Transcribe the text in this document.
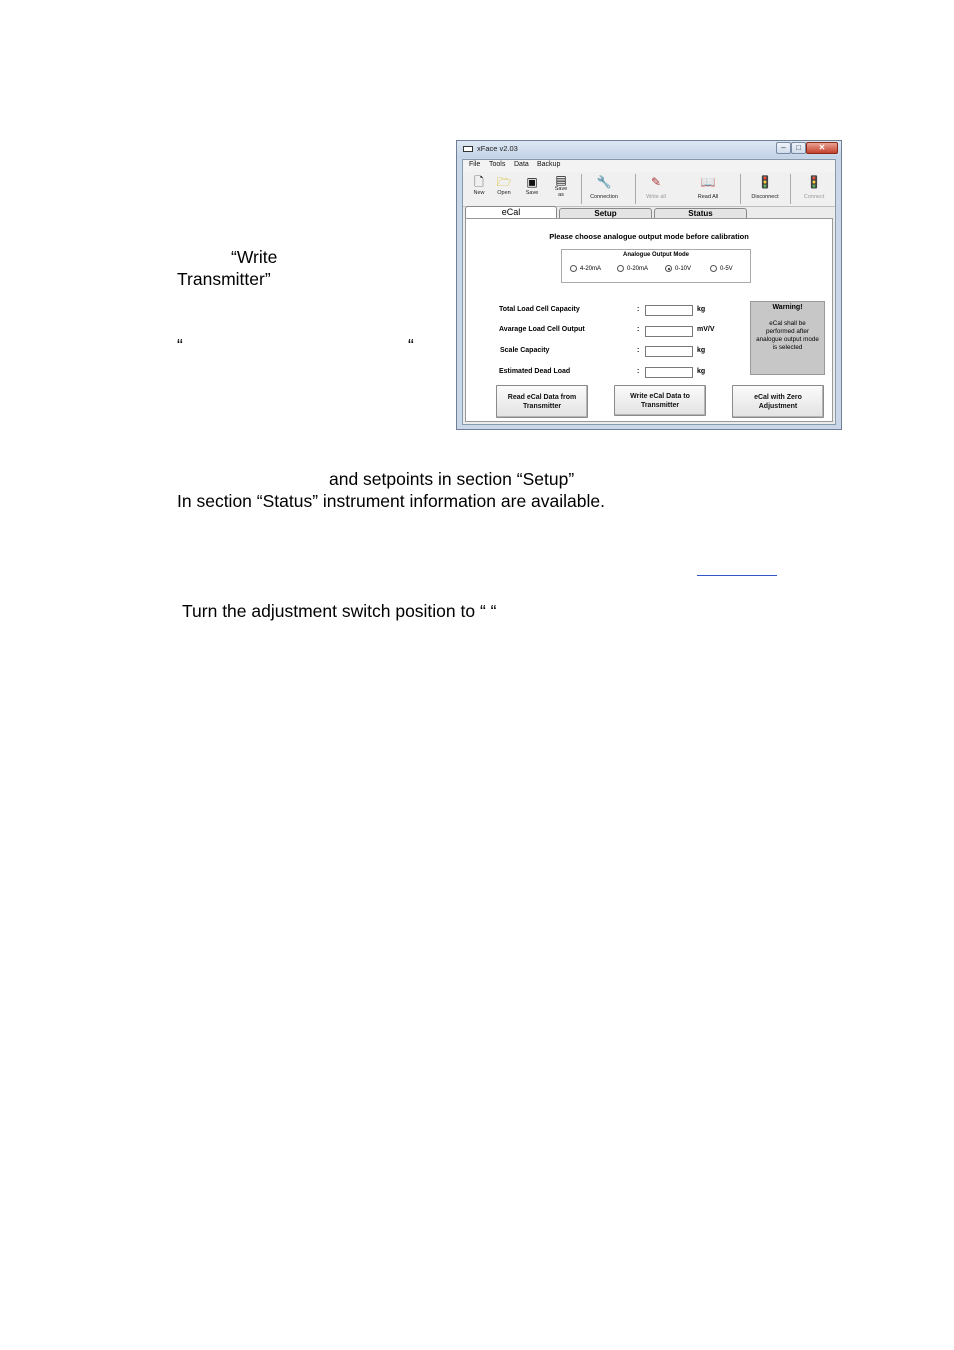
“Write
Transmitter”
“	“
and setpoints in section “Setup”
In section “Status” instrument information are available.
Turn the adjustment switch position to “ “
xFace v2.03	–	□	✕
File Tools Data Backup
🗋
New
🗁
Open
▣
Save
▤
Save as
🔧
Connection
✎
Write all
📖
Read All
🚦
Disconnect
🚦
Connect
eCal	Setup	Status
Please choose analogue output mode before calibration
Analogue Output Mode
4-20mA	0-20mA	0-10V	0-5V
Total Load Cell Capacity	:	kg
Avarage Load Cell Output	:	mV/V
Scale Capacity	:	kg
Estimated Dead Load	:	kg
Warning!
eCal shall be performed after analogue output mode is selected
Read eCal Data from Transmitter
Write eCal Data to Transmitter
eCal with Zero Adjustment
